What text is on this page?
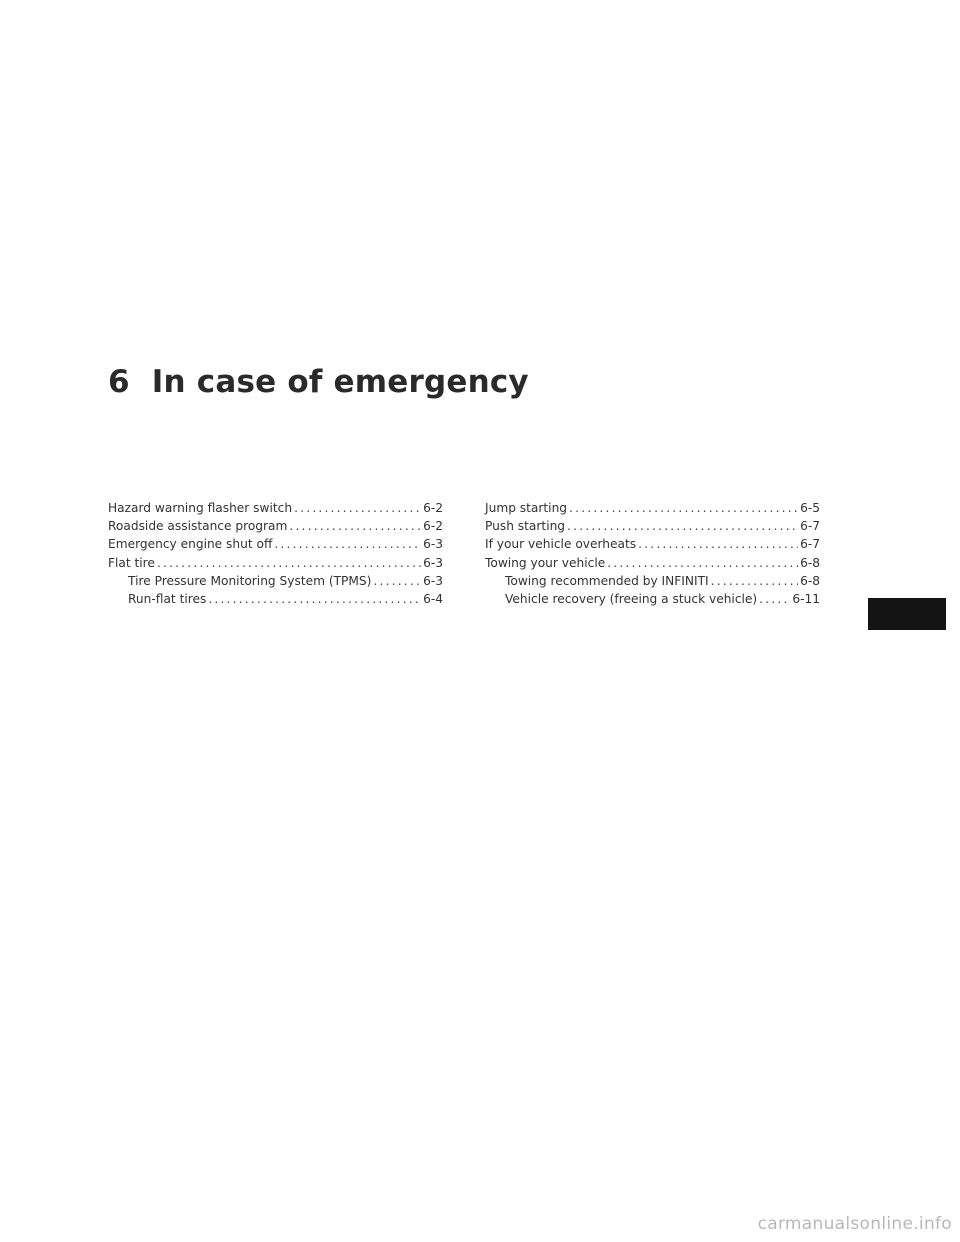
6 In case of emergency
Hazard warning flasher switch .....	6-2
Roadside assistance program .....	6-2
Emergency engine shut off .....	6-3
Flat tire .....	6-3
Tire Pressure Monitoring System (TPMS) .....	6-3
Run-flat tires .....	6-4
Jump starting .....	6-5
Push starting .....	6-7
If your vehicle overheats .....	6-7
Towing your vehicle .....	6-8
Towing recommended by INFINITI .....	6-8
Vehicle recovery (freeing a stuck vehicle) .....	6-11
carmanualsonline.info
